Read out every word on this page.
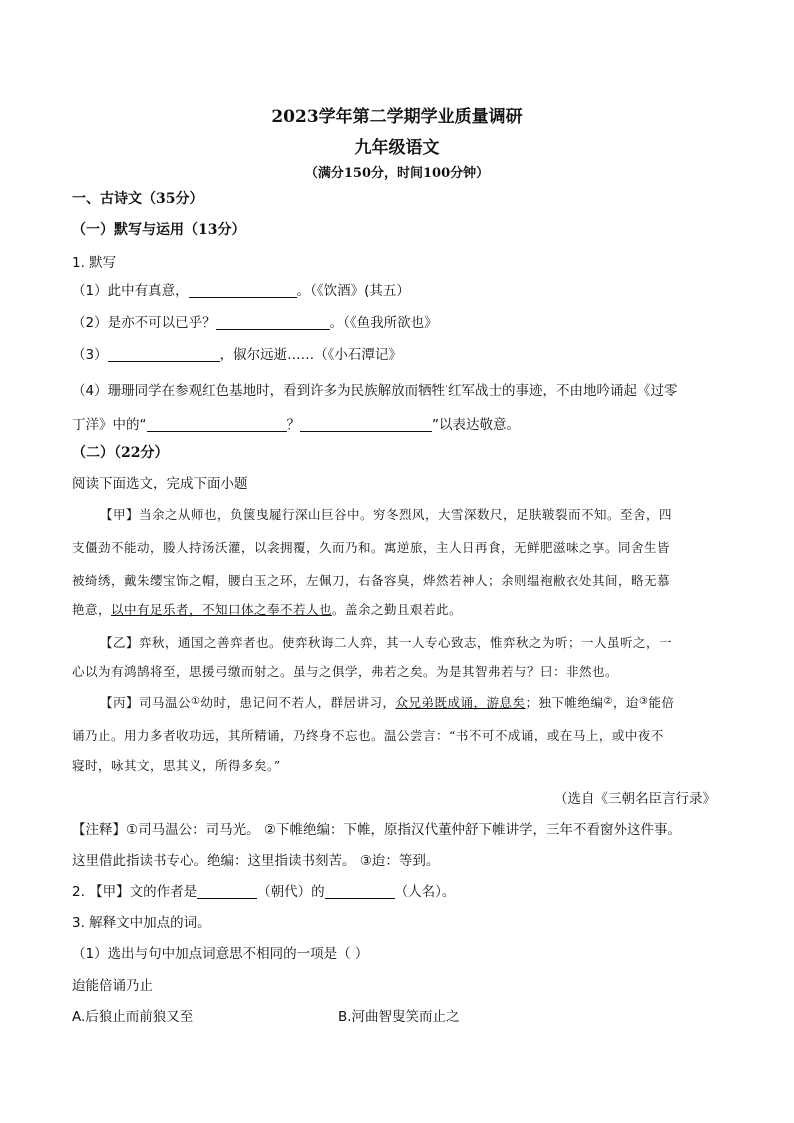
2023学年第二学期学业质量调研
九年级语文
（满分150分，时间100分钟）
一、古诗文（35分）
（一）默写与运用（13分）
1. 默写
（1）此中有真意，	。（《饮酒》(其五）
（2）是亦不可以已乎？	。（《鱼我所欲也》
（3）	，俶尔远逝……（《小石潭记》
（4）珊珊同学在参观红色基地时，看到许多为民族解放而牺牲·红军战士的事迹，不由地吟诵起《过零
丁洋》中的“	？	”以表达敬意。
（二）（22分）
阅读下面选文，完成下面小题
【甲】当余之从师也，负箧曳屣行深山巨谷中。穷冬烈风，大雪深数尺，足肤皲裂而不知。至舍，四
支僵劲不能动，媵人持汤沃灌，以衾拥覆，久而乃和。寓逆旅，主人日再食，无鲜肥滋味之享。同舍生皆
被绮绣，戴朱缨宝饰之帽，腰白玉之环，左佩刀，右备容臭，烨然若神人；余则缊袍敝衣处其间，略无慕
艳意，以中有足乐者，不知口体之奉不若人也。盖余之勤且艰若此。
【乙】弈秋，通国之善弈者也。使弈秋诲二人弈，其一人专心致志，惟弈秋之为听；一人虽听之，一
心以为有鸿鹄将至，思援弓缴而射之。虽与之俱学，弗若之矣。为是其智弗若与？曰：非然也。
【丙】司马温公①幼时，患记问不若人，群居讲习，众兄弟既成诵，游息矣；独下帷绝编②，迨③能倍
诵乃止。用力多者收功远，其所精诵，乃终身不忘也。温公尝言：“书不可不成诵，或在马上，或中夜不
寝时，咏其文，思其义，所得多矣。”
（选自《三朝名臣言行录》
【注释】①司马温公：司马光。 ②下帷绝编：下帷，原指汉代董仲舒下帷讲学，三年不看窗外这件事。
这里借此指读书专心。绝编：这里指读书刻苦。 ③迨：等到。
2. 【甲】文的作者是	（朝代）的	（人名）。
3. 解释文中加点的词。
（1）选出与句中加点词意思不相同的一项是（ ）
迨能倍诵乃止
A.后狼止而前狼又至	B.河曲智叟笑而止之
